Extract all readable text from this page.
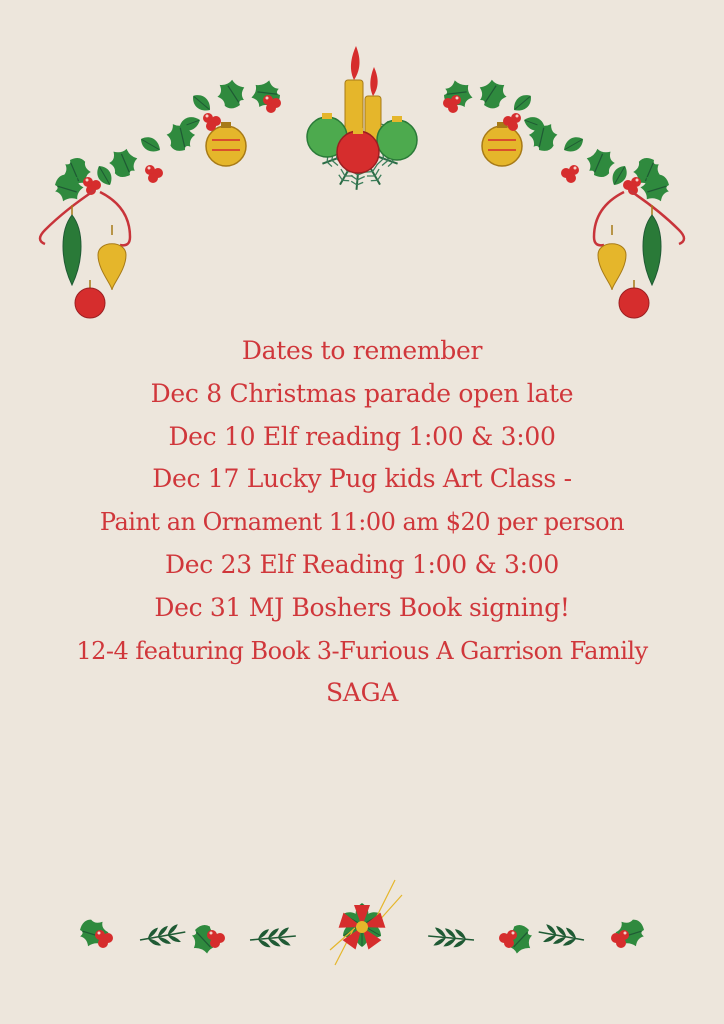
Dates to remember

Dec 8 Christmas parade open late

Dec 10 Elf reading 1:00 & 3:00

Dec 17 Lucky Pug kids Art Class -

Paint an Ornament 11:00 am $20 per person

Dec 23 Elf Reading 1:00 & 3:00

Dec 31 MJ Boshers Book signing!

12-4 featuring Book 3-Furious A Garrison Family

SAGA
